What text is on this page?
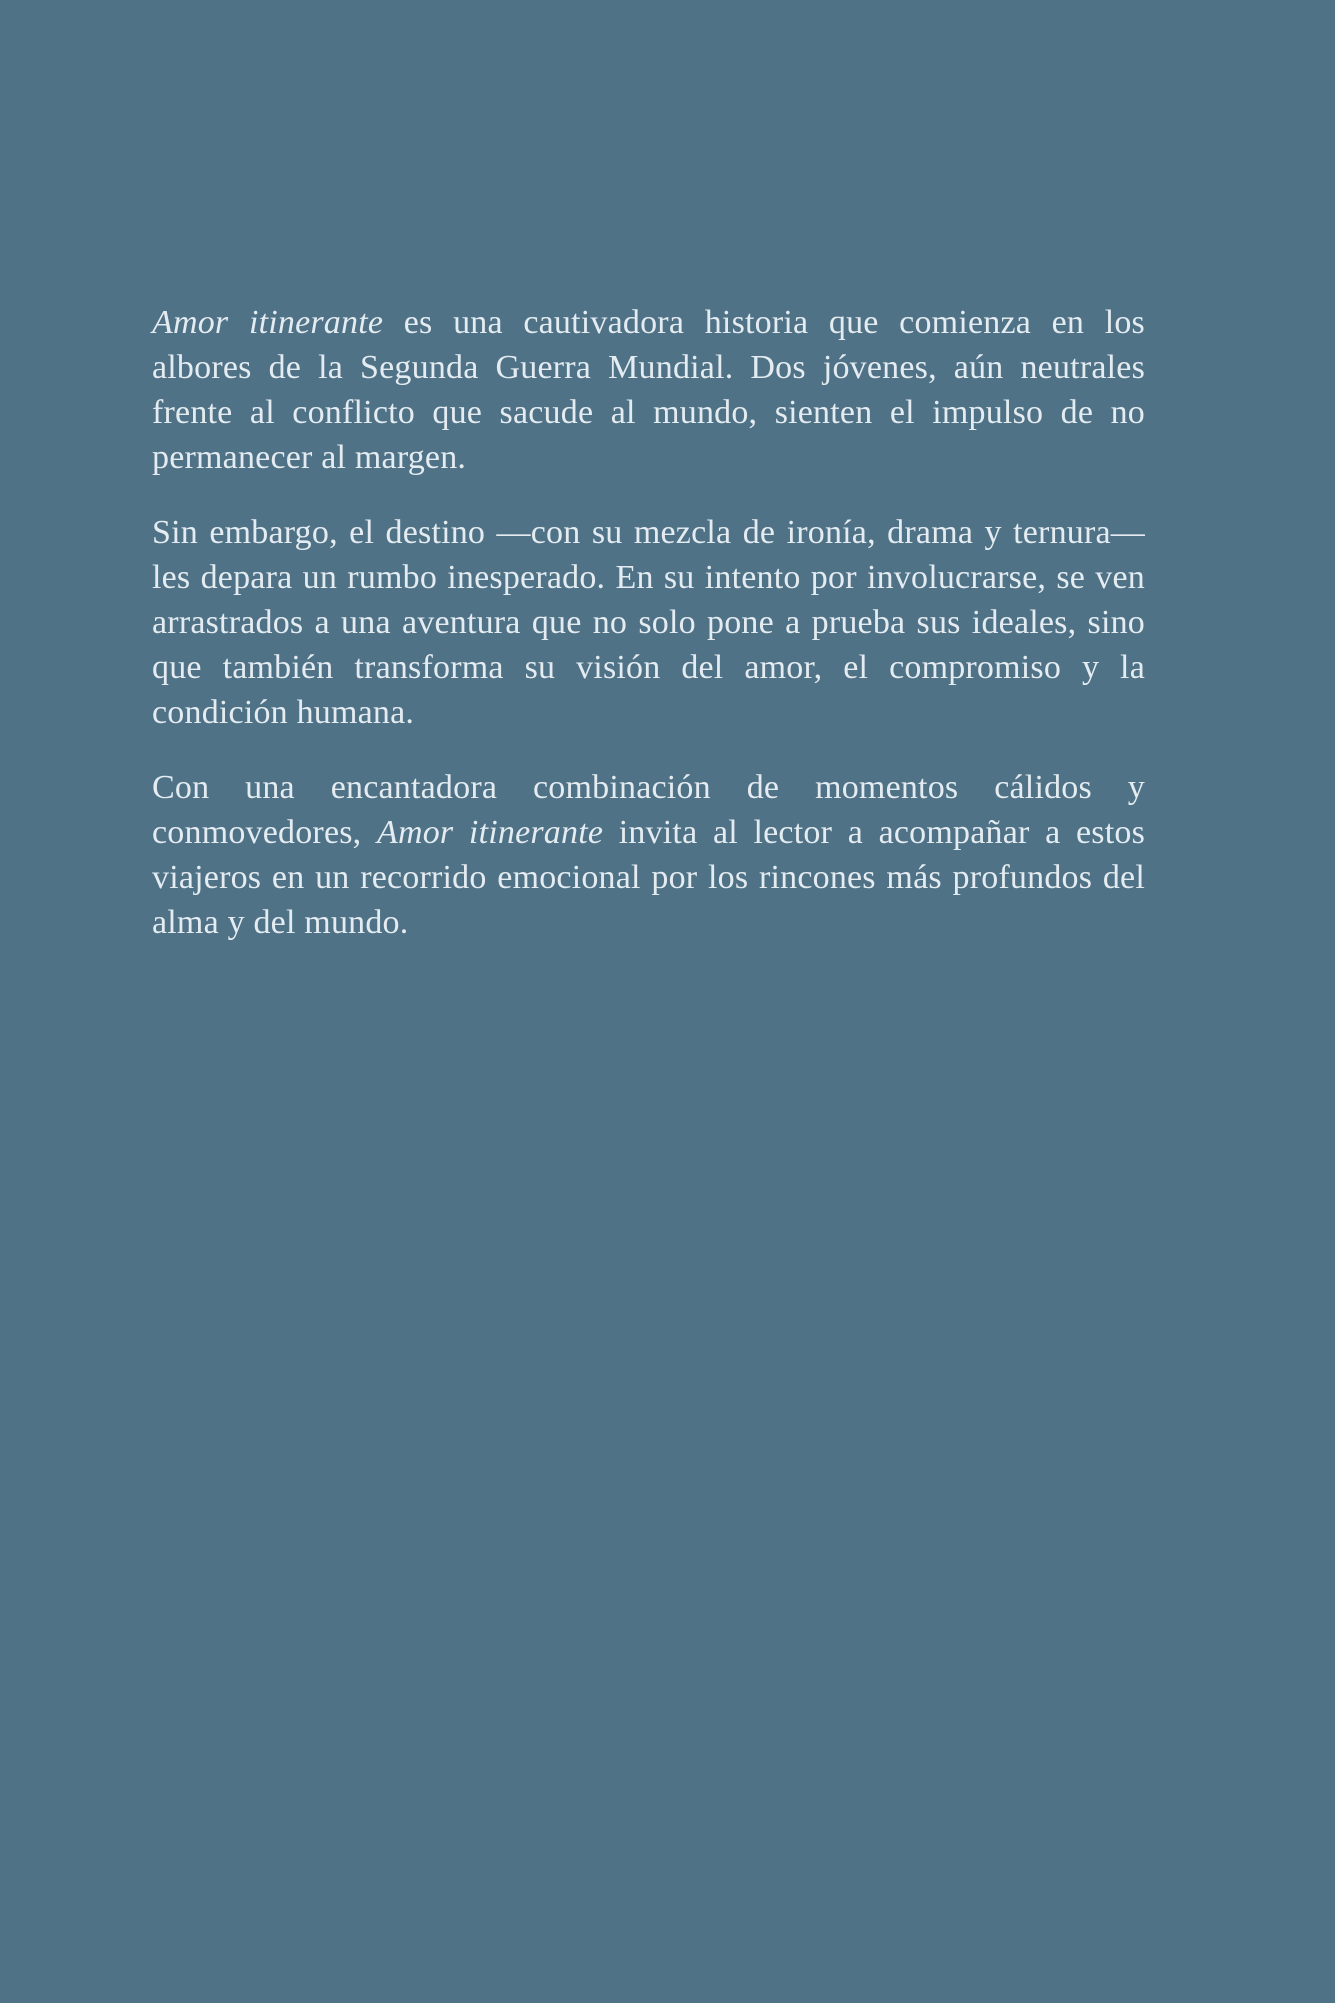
Amor itinerante es una cautivadora historia que comienza en los albores de la Segunda Guerra Mundial. Dos jóvenes, aún neutrales frente al conflicto que sacude al mundo, sienten el impulso de no permanecer al margen.

Sin embargo, el destino —con su mezcla de ironía, drama y ternura— les depara un rumbo inesperado. En su intento por involucrarse, se ven arrastrados a una aventura que no solo pone a prueba sus ideales, sino que también transforma su visión del amor, el compromiso y la condición humana.

Con una encantadora combinación de momentos cálidos y conmovedores, Amor itinerante invita al lector a acompañar a estos viajeros en un recorrido emocional por los rincones más profundos del alma y del mundo.
